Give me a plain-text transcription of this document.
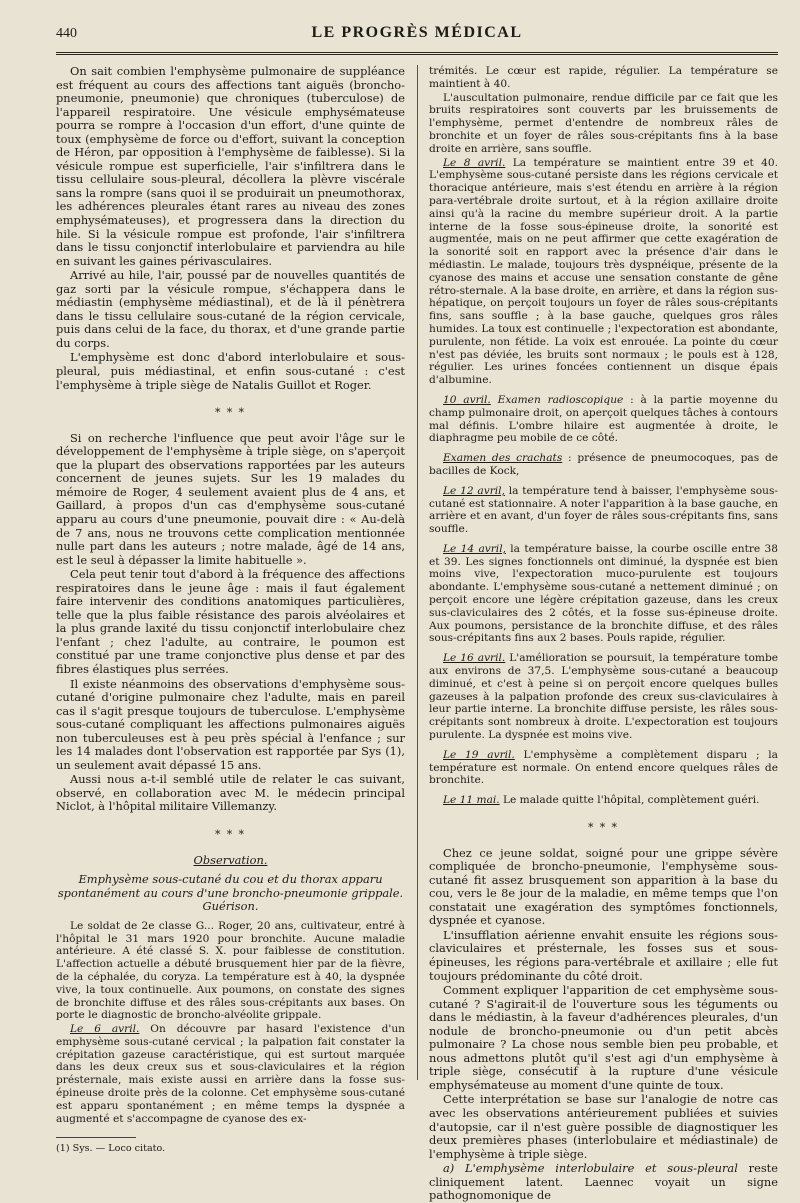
440	LE PROGRÈS MÉDICAL

On sait combien l'emphysème pulmonaire de suppléance est fréquent au cours des affections tant aiguës (broncho-pneumonie, pneumonie) que chroniques (tuberculose) de l'appareil respiratoire. Une vésicule emphysémateuse pourra se rompre à l'occasion d'un effort, d'une quinte de toux (emphysème de force ou d'effort, suivant la conception de Héron, par opposition à l'emphysème de faiblesse). Si la vésicule rompue est superficielle, l'air s'infiltrera dans le tissu cellulaire sous-pleural, décollera la plèvre viscérale sans la rompre (sans quoi il se produirait un pneumothorax, les adhérences pleurales étant rares au niveau des zones emphysémateuses), et progressera dans la direction du hile. Si la vésicule rompue est profonde, l'air s'infiltrera dans le tissu conjonctif interlobulaire et parviendra au hile en suivant les gaines périvasculaires.

Arrivé au hile, l'air, poussé par de nouvelles quantités de gaz sorti par la vésicule rompue, s'échappera dans le médiastin (emphysème médiastinal), et de là il pénètrera dans le tissu cellulaire sous-cutané de la région cervicale, puis dans celui de la face, du thorax, et d'une grande partie du corps.

L'emphysème est donc d'abord interlobulaire et sous-pleural, puis médiastinal, et enfin sous-cutané : c'est l'emphysème à triple siège de Natalis Guillot et Roger.

* * *

Si on recherche l'influence que peut avoir l'âge sur le développement de l'emphysème à triple siège, on s'aperçoit que la plupart des observations rapportées par les auteurs concernent de jeunes sujets. Sur les 19 malades du mémoire de Roger, 4 seulement avaient plus de 4 ans, et Gaillard, à propos d'un cas d'emphysème sous-cutané apparu au cours d'une pneumonie, pouvait dire : « Au-delà de 7 ans, nous ne trouvons cette complication mentionnée nulle part dans les auteurs ; notre malade, âgé de 14 ans, est le seul à dépasser la limite habituelle ».

Cela peut tenir tout d'abord à la fréquence des affections respiratoires dans le jeune âge : mais il faut également faire intervenir des conditions anatomiques particulières, telle que la plus faible résistance des parois alvéolaires et la plus grande laxité du tissu conjonctif interlobulaire chez l'enfant ; chez l'adulte, au contraire, le poumon est constitué par une trame conjonctive plus dense et par des fibres élastiques plus serrées.

Il existe néanmoins des observations d'emphysème sous-cutané d'origine pulmonaire chez l'adulte, mais en pareil cas il s'agit presque toujours de tuberculose. L'emphysème sous-cutané compliquant les affections pulmonaires aiguës non tuberculeuses est à peu près spécial à l'enfance ; sur les 14 malades dont l'observation est rapportée par Sys (1), un seulement avait dépassé 15 ans.

Aussi nous a-t-il semblé utile de relater le cas suivant, observé, en collaboration avec M. le médecin principal Niclot, à l'hôpital militaire Villemanzy.

* * *
Observation.
Emphysème sous-cutané du cou et du thorax apparu spontanément au cours d'une broncho-pneumonie grippale. Guérison.

Le soldat de 2e classe G... Roger, 20 ans, cultivateur, entré à l'hôpital le 31 mars 1920 pour bronchite. Aucune maladie antérieure. A été classé S. X. pour faiblesse de constitution. L'affection actuelle a débuté brusquement hier par de la fièvre, de la céphalée, du coryza. La température est à 40, la dyspnée vive, la toux continuelle. Aux poumons, on constate des signes de bronchite diffuse et des râles sous-crépitants aux bases. On porte le diagnostic de broncho-alvéolite grippale.

Le 6 avril. On découvre par hasard l'existence d'un emphysème sous-cutané cervical ; la palpation fait constater la crépitation gazeuse caractéristique, qui est surtout marquée dans les deux creux sus et sous-claviculaires et la région présternale, mais existe aussi en arrière dans la fosse sus-épineuse droite près de la colonne. Cet emphysème sous-cutané est apparu spontanément ; en même temps la dyspnée a augmenté et s'accompagne de cyanose des ex-

(1) Sys. — Loco citato.

trémités. Le cœur est rapide, régulier. La température se maintient à 40.

L'auscultation pulmonaire, rendue difficile par ce fait que les bruits respiratoires sont couverts par les bruissements de l'emphysème, permet d'entendre de nombreux râles de bronchite et un foyer de râles sous-crépitants fins à la base droite en arrière, sans souffle.

Le 8 avril. La température se maintient entre 39 et 40. L'emphysème sous-cutané persiste dans les régions cervicale et thoracique antérieure, mais s'est étendu en arrière à la région para-vertébrale droite surtout, et à la région axillaire droite ainsi qu'à la racine du membre supérieur droit. A la partie interne de la fosse sous-épineuse droite, la sonorité est augmentée, mais on ne peut affirmer que cette exagération de la sonorité soit en rapport avec la présence d'air dans le médiastin. Le malade, toujours très dyspnéique, présente de la cyanose des mains et accuse une sensation constante de gêne rétro-sternale. A la base droite, en arrière, et dans la région sus-hépatique, on perçoit toujours un foyer de râles sous-crépitants fins, sans souffle ; à la base gauche, quelques gros râles humides. La toux est continuelle ; l'expectoration est abondante, purulente, non fétide. La voix est enrouée. La pointe du cœur n'est pas déviée, les bruits sont normaux ; le pouls est à 128, régulier. Les urines foncées contiennent un disque épais d'albumine.

10 avril. Examen radioscopique : à la partie moyenne du champ pulmonaire droit, on aperçoit quelques tâches à contours mal définis. L'ombre hilaire est augmentée à droite, le diaphragme peu mobile de ce côté.

Examen des crachats : présence de pneumocoques, pas de bacilles de Kock,

Le 12 avril, la température tend à baisser, l'emphysème sous-cutané est stationnaire. A noter l'apparition à la base gauche, en arrière et en avant, d'un foyer de râles sous-crépitants fins, sans souffle.

Le 14 avril, la température baisse, la courbe oscille entre 38 et 39. Les signes fonctionnels ont diminué, la dyspnée est bien moins vive, l'expectoration muco-purulente est toujours abondante. L'emphysème sous-cutané a nettement diminué ; on perçoit encore une légère crépitation gazeuse, dans les creux sus-claviculaires des 2 côtés, et la fosse sus-épineuse droite. Aux poumons, persistance de la bronchite diffuse, et des râles sous-crépitants fins aux 2 bases. Pouls rapide, régulier.

Le 16 avril. L'amélioration se poursuit, la température tombe aux environs de 37,5. L'emphysème sous-cutané a beaucoup diminué, et c'est à peine si on perçoit encore quelques bulles gazeuses à la palpation profonde des creux sus-claviculaires à leur partie interne. La bronchite diffuse persiste, les râles sous-crépitants sont nombreux à droite. L'expectoration est toujours purulente. La dyspnée est moins vive.

Le 19 avril. L'emphysème a complètement disparu ; la température est normale. On entend encore quelques râles de bronchite.

Le 11 mai. Le malade quitte l'hôpital, complètement guéri.

* * *

Chez ce jeune soldat, soigné pour une grippe sévère compliquée de broncho-pneumonie, l'emphysème sous-cutané fit assez brusquement son apparition à la base du cou, vers le 8e jour de la maladie, en même temps que l'on constatait une exagération des symptômes fonctionnels, dyspnée et cyanose.

L'insufflation aérienne envahit ensuite les régions sous-claviculaires et présternale, les fosses sus et sous-épineuses, les régions para-vertébrale et axillaire ; elle fut toujours prédominante du côté droit.

Comment expliquer l'apparition de cet emphysème sous-cutané ? S'agirait-il de l'ouverture sous les téguments ou dans le médiastin, à la faveur d'adhérences pleurales, d'un nodule de broncho-pneumonie ou d'un petit abcès pulmonaire ? La chose nous semble bien peu probable, et nous admettons plutôt qu'il s'est agi d'un emphysème à triple siège, consécutif à la rupture d'une vésicule emphysémateuse au moment d'une quinte de toux.

Cette interprétation se base sur l'analogie de notre cas avec les observations antérieurement publiées et suivies d'autopsie, car il n'est guère possible de diagnostiquer les deux premières phases (interlobulaire et médiastinale) de l'emphysème à triple siège.

a) L'emphysème interlobulaire et sous-pleural reste cliniquement latent. Laennec voyait un signe pathognomonique de
